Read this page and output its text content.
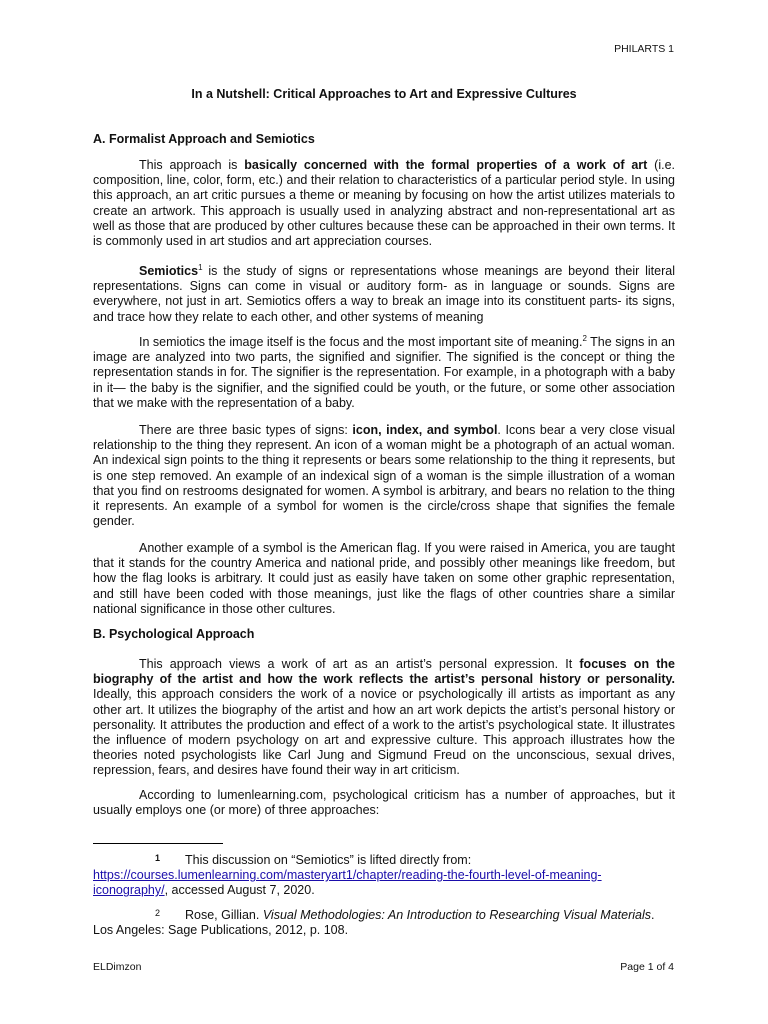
PHILARTS 1
In a Nutshell: Critical Approaches to Art and Expressive Cultures
A. Formalist Approach and Semiotics

This approach is basically concerned with the formal properties of a work of art (i.e. composition, line, color, form, etc.) and their relation to characteristics of a particular period style. In using this approach, an art critic pursues a theme or meaning by focusing on how the artist utilizes materials to create an artwork. This approach is usually used in analyzing abstract and non-representational art as well as those that are produced by other cultures because these can be approached in their own terms. It is commonly used in art studios and art appreciation courses.

Semiotics$^1$ is the study of signs or representations whose meanings are beyond their literal representations. Signs can come in visual or auditory form- as in language or sounds. Signs are everywhere, not just in art. Semiotics offers a way to break an image into its constituent parts- its signs, and trace how they relate to each other, and other systems of meaning

In semiotics the image itself is the focus and the most important site of meaning.$^2$ The signs in an image are analyzed into two parts, the signified and signifier. The signified is the concept or thing the representation stands in for. The signifier is the representation. For example, in a photograph with a baby in it— the baby is the signifier, and the signified could be youth, or the future, or some other association that we make with the representation of a baby.

There are three basic types of signs: icon, index, and symbol. Icons bear a very close visual relationship to the thing they represent. An icon of a woman might be a photograph of an actual woman. An indexical sign points to the thing it represents or bears some relationship to the thing it represents, but is one step removed. An example of an indexical sign of a woman is the simple illustration of a woman that you find on restrooms designated for women. A symbol is arbitrary, and bears no relation to the thing it represents. An example of a symbol for women is the circle/cross shape that signifies the female gender.

Another example of a symbol is the American flag. If you were raised in America, you are taught that it stands for the country America and national pride, and possibly other meanings like freedom, but how the flag looks is arbitrary. It could just as easily have taken on some other graphic representation, and still have been coded with those meanings, just like the flags of other countries share a similar national significance in those other cultures.

B. Psychological Approach

This approach views a work of art as an artist’s personal expression. It focuses on the biography of the artist and how the work reflects the artist’s personal history or personality. Ideally, this approach considers the work of a novice or psychologically ill artists as important as any other art. It utilizes the biography of the artist and how an art work depicts the artist’s personal history or personality. It attributes the production and effect of a work to the artist’s psychological state. It illustrates the influence of modern psychology on art and expressive culture. This approach illustrates how the theories noted psychologists like Carl Jung and Sigmund Freud on the unconscious, sexual drives, repression, fears, and desires have found their way in art criticism.

According to lumenlearning.com, psychological criticism has a number of approaches, but it usually employs one (or more) of three approaches:

1 This discussion on “Semiotics” is lifted directly from: https://courses.lumenlearning.com/masteryart1/chapter/reading-the-fourth-level-of-meaning-iconography/, accessed August 7, 2020.
2 Rose, Gillian. Visual Methodologies: An Introduction to Researching Visual Materials. Los Angeles: Sage Publications, 2012, p. 108.
ELDimzon	Page 1 of 4
